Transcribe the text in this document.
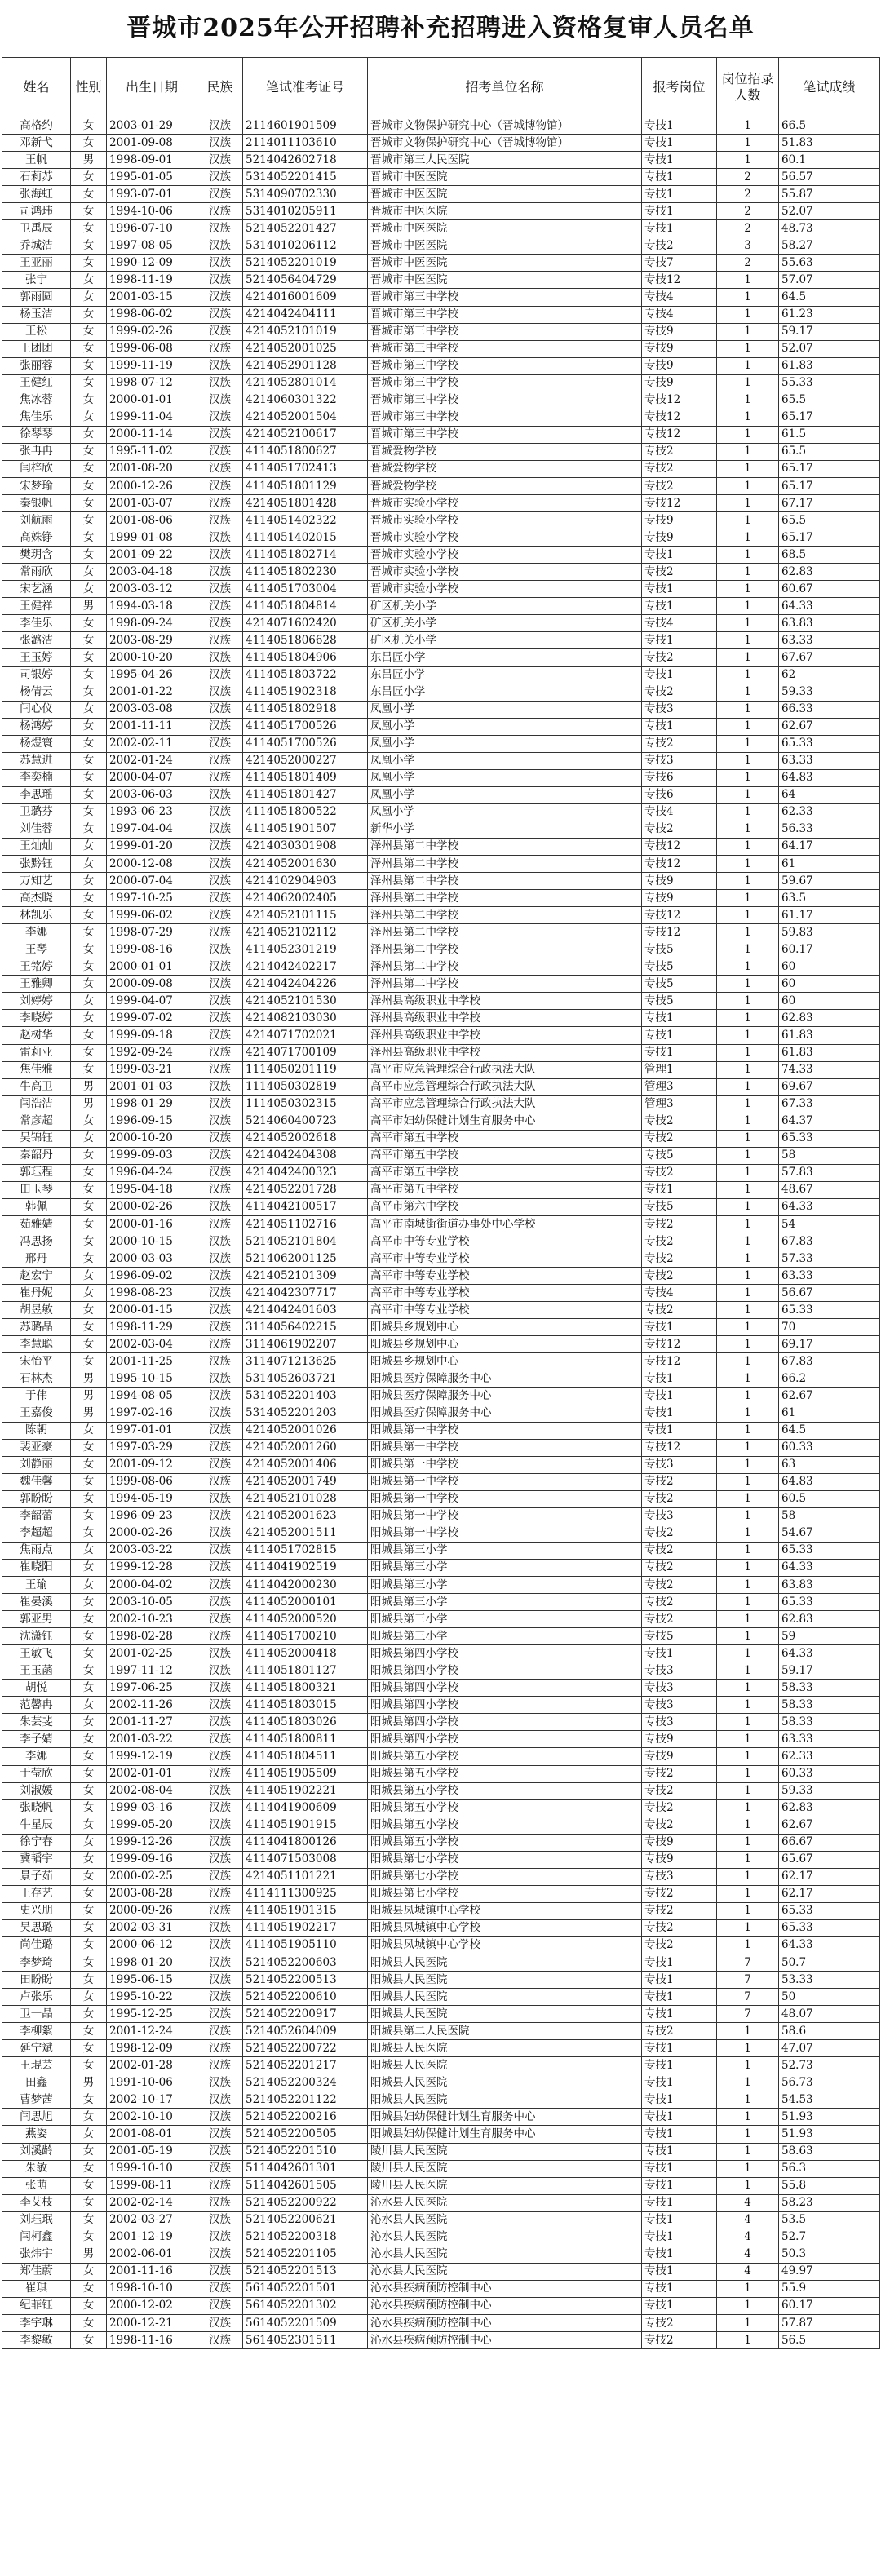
晋城市2025年公开招聘补充招聘进入资格复审人员名单
姓名	性别	出生日期	民族	笔试准考证号	招考单位名称	报考岗位	岗位招录人数	笔试成绩
高格约	女	2003-01-29	汉族	2114601901509	晋城市文物保护研究中心（晋城博物馆）	专技1	1	66.5
邓新弋	女	2001-09-08	汉族	2114011103610	晋城市文物保护研究中心（晋城博物馆）	专技1	1	51.83
王帆	男	1998-09-01	汉族	5214042602718	晋城市第三人民医院	专技1	1	60.1
石莉苏	女	1995-01-05	汉族	5314052201415	晋城市中医医院	专技1	2	56.57
张海虹	女	1993-07-01	汉族	5314090702330	晋城市中医医院	专技1	2	55.87
司鸿玮	女	1994-10-06	汉族	5314010205911	晋城市中医医院	专技1	2	52.07
卫禹辰	女	1996-07-10	汉族	5214052201427	晋城市中医医院	专技1	2	48.73
乔城洁	女	1997-08-05	汉族	5314010206112	晋城市中医医院	专技2	3	58.27
王亚丽	女	1990-12-09	汉族	5214052201019	晋城市中医医院	专技7	2	55.63
张宁	女	1998-11-19	汉族	5214056404729	晋城市中医医院	专技12	1	57.07
郭雨圆	女	2001-03-15	汉族	4214016001609	晋城市第三中学校	专技4	1	64.5
杨玉洁	女	1998-06-02	汉族	4214042404111	晋城市第三中学校	专技4	1	61.23
王松	女	1999-02-26	汉族	4214052101019	晋城市第三中学校	专技9	1	59.17
王团团	女	1999-06-08	汉族	4214052001025	晋城市第三中学校	专技9	1	52.07
张丽蓉	女	1999-11-19	汉族	4214052901128	晋城市第三中学校	专技9	1	61.83
王健红	女	1998-07-12	汉族	4214052801014	晋城市第三中学校	专技9	1	55.33
焦冰蓉	女	2000-01-01	汉族	4214060301322	晋城市第三中学校	专技12	1	65.5
焦佳乐	女	1999-11-04	汉族	4214052001504	晋城市第三中学校	专技12	1	65.17
徐琴琴	女	2000-11-14	汉族	4214052100617	晋城市第三中学校	专技12	1	61.5
张冉冉	女	1995-11-02	汉族	4114051800627	晋城爱物学校	专技2	1	65.5
闫梓欣	女	2001-08-20	汉族	4114051702413	晋城爱物学校	专技2	1	65.17
宋梦瑜	女	2000-12-26	汉族	4114051801129	晋城爱物学校	专技2	1	65.17
秦银帆	女	2001-03-07	汉族	4214051801428	晋城市实验小学校	专技12	1	67.17
刘航雨	女	2001-08-06	汉族	4114051402322	晋城市实验小学校	专技9	1	65.5
高姝铮	女	1999-01-08	汉族	4114051402015	晋城市实验小学校	专技9	1	65.17
樊玥含	女	2001-09-22	汉族	4114051802714	晋城市实验小学校	专技1	1	68.5
常雨欣	女	2003-04-18	汉族	4114051802230	晋城市实验小学校	专技2	1	62.83
宋艺涵	女	2003-03-12	汉族	4114051703004	晋城市实验小学校	专技1	1	60.67
王健祥	男	1994-03-18	汉族	4114051804814	矿区机关小学	专技1	1	64.33
李佳乐	女	1998-09-24	汉族	4214071602420	矿区机关小学	专技4	1	63.83
张潞洁	女	2003-08-29	汉族	4114051806628	矿区机关小学	专技1	1	63.33
王玉婷	女	2000-10-20	汉族	4114051804906	东吕匠小学	专技2	1	67.67
司银婷	女	1995-04-26	汉族	4114051803722	东吕匠小学	专技1	1	62
杨倩云	女	2001-01-22	汉族	4114051902318	东吕匠小学	专技2	1	59.33
闫心仪	女	2003-03-08	汉族	4114051802918	凤凰小学	专技3	1	66.33
杨鸿婷	女	2001-11-11	汉族	4114051700526	凤凰小学	专技1	1	62.67
杨煜寰	女	2002-02-11	汉族	4114051700526	凤凰小学	专技2	1	65.33
苏慧进	女	2002-01-24	汉族	4214052000227	凤凰小学	专技3	1	63.33
李奕楠	女	2000-04-07	汉族	4114051801409	凤凰小学	专技6	1	64.83
李思瑶	女	2003-06-03	汉族	4114051801427	凤凰小学	专技6	1	64
卫璐芬	女	1993-06-23	汉族	4114051800522	凤凰小学	专技4	1	62.33
刘佳蓉	女	1997-04-04	汉族	4114051901507	新华小学	专技2	1	56.33
王灿灿	女	1999-01-20	汉族	4214030301908	泽州县第二中学校	专技12	1	64.17
张黔钰	女	2000-12-08	汉族	4214052001630	泽州县第二中学校	专技12	1	61
万知艺	女	2000-07-04	汉族	4214102904903	泽州县第二中学校	专技9	1	59.67
高杰晓	女	1997-10-25	汉族	4214062002405	泽州县第二中学校	专技9	1	63.5
林凯乐	女	1999-06-02	汉族	4214052101115	泽州县第二中学校	专技12	1	61.17
李娜	女	1998-07-29	汉族	4214052102112	泽州县第二中学校	专技12	1	59.83
王琴	女	1999-08-16	汉族	4114052301219	泽州县第二中学校	专技5	1	60.17
王铭婷	女	2000-01-01	汉族	4214042402217	泽州县第二中学校	专技5	1	60
王雅卿	女	2000-09-08	汉族	4214042404226	泽州县第二中学校	专技5	1	60
刘婷婷	女	1999-04-07	汉族	4214052101530	泽州县高级职业中学校	专技5	1	60
李晓婷	女	1999-07-02	汉族	4214082103030	泽州县高级职业中学校	专技1	1	62.83
赵树华	女	1999-09-18	汉族	4214071702021	泽州县高级职业中学校	专技1	1	61.83
雷莉亚	女	1992-09-24	汉族	4214071700109	泽州县高级职业中学校	专技1	1	61.83
焦佳雅	女	1999-03-21	汉族	1114050201119	高平市应急管理综合行政执法大队	管理1	1	74.33
牛高卫	男	2001-01-03	汉族	1114050302819	高平市应急管理综合行政执法大队	管理3	1	69.67
闫浩洁	男	1998-01-29	汉族	1114050302315	高平市应急管理综合行政执法大队	管理3	1	67.33
常彦超	女	1996-09-15	汉族	5214060400723	高平市妇幼保健计划生育服务中心	专技2	1	64.37
吴锦钰	女	2000-10-20	汉族	4214052002618	高平市第五中学校	专技2	1	65.33
秦韶丹	女	1999-09-03	汉族	4214042404308	高平市第五中学校	专技5	1	58
郭珏程	女	1996-04-24	汉族	4214042400323	高平市第五中学校	专技2	1	57.83
田玉琴	女	1995-04-18	汉族	4214052201728	高平市第五中学校	专技1	1	48.67
韩佩	女	2000-02-26	汉族	4114042100517	高平市第六中学校	专技5	1	64.33
茹雅婧	女	2000-01-16	汉族	4214051102716	高平市南城街街道办事处中心学校	专技2	1	54
冯思扬	女	2000-10-15	汉族	5214052101804	高平市中等专业学校	专技2	1	67.83
邢丹	女	2000-03-03	汉族	5214062001125	高平市中等专业学校	专技2	1	57.33
赵宏宁	女	1996-09-02	汉族	4214052101309	高平市中等专业学校	专技2	1	63.33
崔丹妮	女	1998-08-23	汉族	4214042307717	高平市中等专业学校	专技4	1	56.67
胡昱敏	女	2000-01-15	汉族	4214042401603	高平市中等专业学校	专技2	1	65.33
苏璐晶	女	1998-11-29	汉族	3114056402215	阳城县乡规划中心	专技1	1	70
李慧聪	女	2002-03-04	汉族	3114061902207	阳城县乡规划中心	专技12	1	69.17
宋怡平	女	2001-11-25	汉族	3114071213625	阳城县乡规划中心	专技12	1	67.83
石林杰	男	1995-10-15	汉族	5314052603721	阳城县医疗保障服务中心	专技1	1	66.2
于伟	男	1994-08-05	汉族	5314052201403	阳城县医疗保障服务中心	专技1	1	62.67
王嘉俊	男	1997-02-16	汉族	5314052201203	阳城县医疗保障服务中心	专技1	1	61
陈朝	女	1997-01-01	汉族	4214052001026	阳城县第一中学校	专技1	1	64.5
裴亚豪	女	1997-03-29	汉族	4214052001260	阳城县第一中学校	专技12	1	60.33
刘静丽	女	2001-09-12	汉族	4214052001406	阳城县第一中学校	专技3	1	63
魏佳馨	女	1999-08-06	汉族	4214052001749	阳城县第一中学校	专技2	1	64.83
郭盼盼	女	1994-05-19	汉族	4214052101028	阳城县第一中学校	专技2	1	60.5
李韶蕾	女	1996-09-23	汉族	4214052001623	阳城县第一中学校	专技3	1	58
李超超	女	2000-02-26	汉族	4214052001511	阳城县第一中学校	专技2	1	54.67
焦雨点	女	2003-03-22	汉族	4114051702815	阳城县第三小学	专技2	1	65.33
崔晓阳	女	1999-12-28	汉族	4114041902519	阳城县第三小学	专技2	1	64.33
王瑜	女	2000-04-02	汉族	4114042000230	阳城县第三小学	专技2	1	63.83
崔晏溪	女	2003-10-05	汉族	4114052000101	阳城县第三小学	专技2	1	65.33
郭亚男	女	2002-10-23	汉族	4114052000520	阳城县第三小学	专技2	1	62.83
沈潇钰	女	1998-02-28	汉族	4114051700210	阳城县第三小学	专技5	1	59
王敏飞	女	2001-02-25	汉族	4114052000418	阳城县第四小学校	专技1	1	64.33
王玉菡	女	1997-11-12	汉族	4114051801127	阳城县第四小学校	专技3	1	59.17
胡悦	女	1997-06-25	汉族	4114051800321	阳城县第四小学校	专技3	1	58.33
范馨冉	女	2002-11-26	汉族	4114051803015	阳城县第四小学校	专技3	1	58.33
朱芸斐	女	2001-11-27	汉族	4114051803026	阳城县第四小学校	专技3	1	58.33
李子婧	女	2001-03-22	汉族	4114051800811	阳城县第四小学校	专技9	1	63.33
李娜	女	1999-12-19	汉族	4114051804511	阳城县第五小学校	专技9	1	62.33
于莹欣	女	2002-01-01	汉族	4114051905509	阳城县第五小学校	专技2	1	60.33
刘淑媛	女	2002-08-04	汉族	4114051902221	阳城县第五小学校	专技2	1	59.33
张晓帆	女	1999-03-16	汉族	4114041900609	阳城县第五小学校	专技2	1	62.83
牛星辰	女	1999-05-20	汉族	4114051901915	阳城县第五小学校	专技2	1	62.67
徐宁春	女	1999-12-26	汉族	4114041800126	阳城县第五小学校	专技9	1	66.67
冀韬宇	女	1999-09-16	汉族	4114071503008	阳城县第七小学校	专技9	1	65.67
景子茹	女	2000-02-25	汉族	4214051101221	阳城县第七小学校	专技3	1	62.17
王存艺	女	2003-08-28	汉族	4114111300925	阳城县第七小学校	专技2	1	62.17
史兴朋	女	2000-09-26	汉族	4114051901315	阳城县凤城镇中心学校	专技2	1	65.33
吴思璐	女	2002-03-31	汉族	4114051902217	阳城县凤城镇中心学校	专技2	1	65.33
尚佳璐	女	2000-06-12	汉族	4114051905110	阳城县凤城镇中心学校	专技2	1	64.33
李梦琦	女	1998-01-20	汉族	5214052200603	阳城县人民医院	专技1	7	50.7
田盼盼	女	1995-06-15	汉族	5214052200513	阳城县人民医院	专技1	7	53.33
卢张乐	女	1995-10-22	汉族	5214052200610	阳城县人民医院	专技1	7	50
卫一晶	女	1995-12-25	汉族	5214052200917	阳城县人民医院	专技1	7	48.07
李柳絮	女	2001-12-24	汉族	5214052604009	阳城县第二人民医院	专技2	1	58.6
延宁斌	女	1998-12-09	汉族	5214052200722	阳城县人民医院	专技1	1	47.07
王琨芸	女	2002-01-28	汉族	5214052201217	阳城县人民医院	专技1	1	52.73
田鑫	男	1991-10-06	汉族	5214052200324	阳城县人民医院	专技1	1	56.73
曹梦茜	女	2002-10-17	汉族	5214052201122	阳城县人民医院	专技1	1	54.53
闫思旭	女	2002-10-10	汉族	5214052200216	阳城县妇幼保健计划生育服务中心	专技1	1	51.93
燕姿	女	2001-08-01	汉族	5214052200505	阳城县妇幼保健计划生育服务中心	专技1	1	51.93
刘溪龄	女	2001-05-19	汉族	5214052201510	陵川县人民医院	专技1	1	58.63
朱敏	女	1999-10-10	汉族	5114042601301	陵川县人民医院	专技1	1	56.3
张萌	女	1999-08-11	汉族	5114042601505	陵川县人民医院	专技1	1	55.8
李艾枝	女	2002-02-14	汉族	5214052200922	沁水县人民医院	专技1	4	58.23
刘珏珉	女	2002-03-27	汉族	5214052200621	沁水县人民医院	专技1	4	53.5
闫柯鑫	女	2001-12-19	汉族	5214052200318	沁水县人民医院	专技1	4	52.7
张炜宇	男	2002-06-01	汉族	5214052201105	沁水县人民医院	专技1	4	50.3
郑佳蔚	女	2001-11-16	汉族	5214052201513	沁水县人民医院	专技1	4	49.97
崔琪	女	1998-10-10	汉族	5614052201501	沁水县疾病预防控制中心	专技1	1	55.9
纪菲钰	女	2000-12-02	汉族	5614052201302	沁水县疾病预防控制中心	专技1	1	60.17
李宇琳	女	2000-12-21	汉族	5614052201509	沁水县疾病预防控制中心	专技2	1	57.87
李黎敏	女	1998-11-16	汉族	5614052301511	沁水县疾病预防控制中心	专技2	1	56.5
